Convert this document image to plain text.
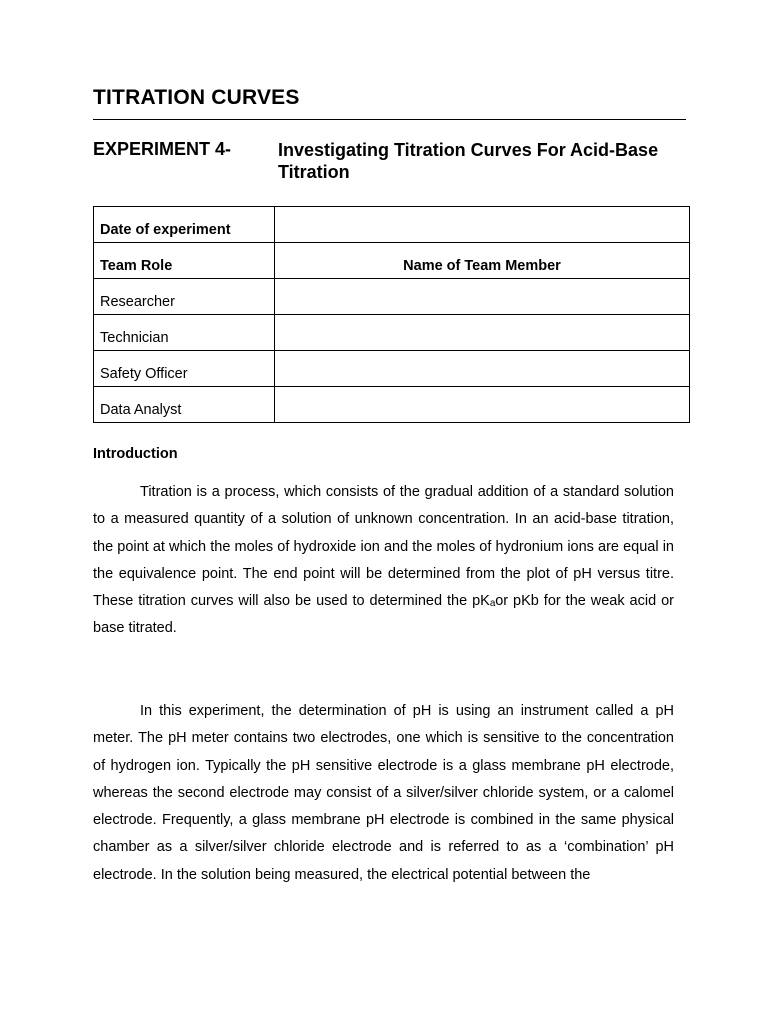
TITRATION CURVES
EXPERIMENT 4-	Investigating Titration Curves For Acid-Base Titration
Date of experiment	
Team Role	Name of Team Member
Researcher	
Technician	
Safety Officer	
Data Analyst	
Introduction

Titration is a process, which consists of the gradual addition of a standard solution to a measured quantity of a solution of unknown concentration. In an acid-base titration, the point at which the moles of hydroxide ion and the moles of hydronium ions are equal in the equivalence point. The end point will be determined from the plot of pH versus titre. These titration curves will also be used to determined the pKₐor pKb for the weak acid or base titrated.

In this experiment, the determination of pH is using an instrument called a pH meter. The pH meter contains two electrodes, one which is sensitive to the concentration of hydrogen ion. Typically the pH sensitive electrode is a glass membrane pH electrode, whereas the second electrode may consist of a silver/silver chloride system, or a calomel electrode. Frequently, a glass membrane pH electrode is combined in the same physical chamber as a silver/silver chloride electrode and is referred to as a ‘combination’ pH electrode. In the solution being measured, the electrical potential between the
